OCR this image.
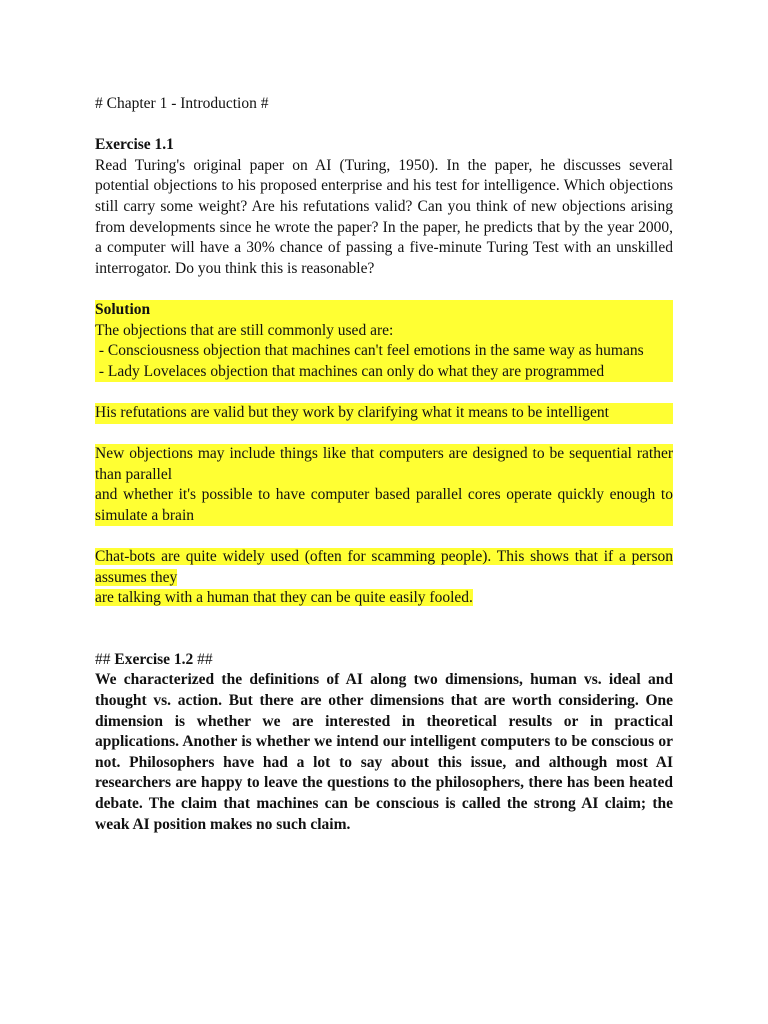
# Chapter 1 - Introduction #

Exercise 1.1

Read Turing's original paper on AI (Turing, 1950). In the paper, he discusses several potential objections to his proposed enterprise and his test for intelligence. Which objections still carry some weight? Are his refutations valid? Can you think of new objections arising from developments since he wrote the paper? In the paper, he predicts that by the year 2000, a computer will have a 30% chance of passing a five-minute Turing Test with an unskilled interrogator. Do you think this is reasonable?

Solution

The objections that are still commonly used are:

- Consciousness objection that machines can't feel emotions in the same way as humans

- Lady Lovelaces objection that machines can only do what they are programmed

His refutations are valid but they work by clarifying what it means to be intelligent

New objections may include things like that computers are designed to be sequential rather than parallel

and whether it's possible to have computer based parallel cores operate quickly enough to simulate a brain

Chat-bots are quite widely used (often for scamming people). This shows that if a person assumes they

are talking with a human that they can be quite easily fooled.

## Exercise 1.2 ##

We characterized the definitions of AI along two dimensions, human vs. ideal and thought vs. action. But there are other dimensions that are worth considering. One dimension is whether we are interested in theoretical results or in practical applications. Another is whether we intend our intelligent computers to be conscious or not. Philosophers have had a lot to say about this issue, and although most AI researchers are happy to leave the questions to the philosophers, there has been heated debate. The claim that machines can be conscious is called the strong AI claim; the weak AI position makes no such claim.
